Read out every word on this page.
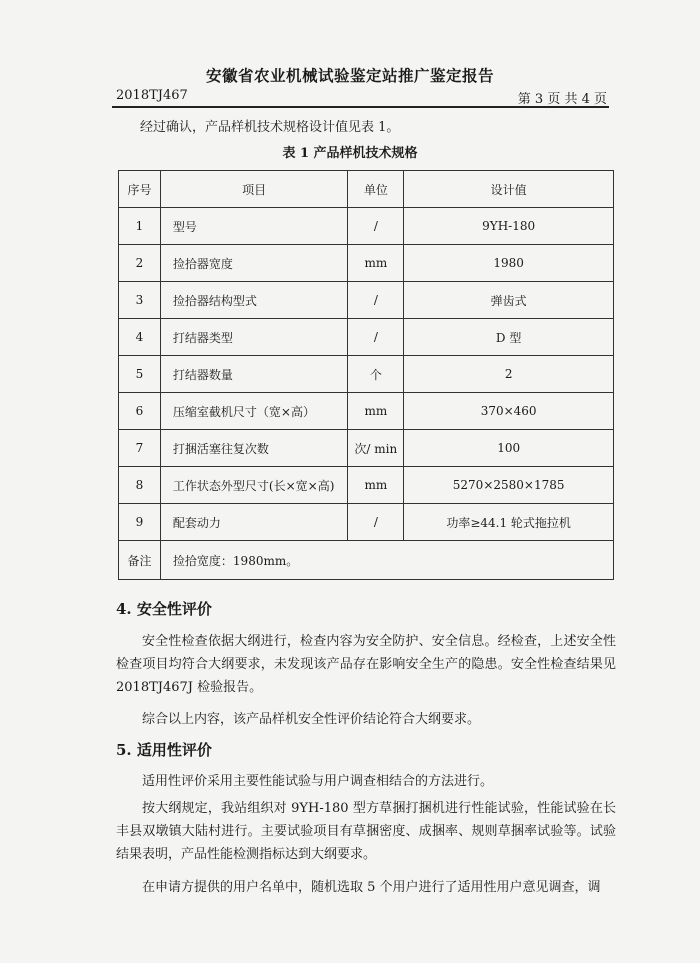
安徽省农业机械试验鉴定站推广鉴定报告
2018TJ467	第 3 页 共 4 页
经过确认，产品样机技术规格设计值见表 1。
表 1 产品样机技术规格
序号	项目	单位	设计值
1	型号	/	9YH-180
2	捡拾器宽度	mm	1980
3	捡拾器结构型式	/	弹齿式
4	打结器类型	/	D 型
5	打结器数量	个	2
6	压缩室截机尺寸（宽×高）	mm	370×460
7	打捆活塞往复次数	次/ min	100
8	工作状态外型尺寸(长×宽×高)	mm	5270×2580×1785
9	配套动力	/	功率≥44.1 轮式拖拉机
备注	捡拾宽度：1980mm。		
4. 安全性评价
安全性检查依据大纲进行，检查内容为安全防护、安全信息。经检查，上述安全性检查项目均符合大纲要求，未发现该产品存在影响安全生产的隐患。安全性检查结果见 2018TJ467J 检验报告。
综合以上内容，该产品样机安全性评价结论符合大纲要求。
5. 适用性评价
适用性评价采用主要性能试验与用户调查相结合的方法进行。
按大纲规定，我站组织对 9YH-180 型方草捆打捆机进行性能试验，性能试验在长丰县双墩镇大陆村进行。主要试验项目有草捆密度、成捆率、规则草捆率试验等。试验结果表明，产品性能检测指标达到大纲要求。
在申请方提供的用户名单中，随机选取 5 个用户进行了适用性用户意见调查，调
